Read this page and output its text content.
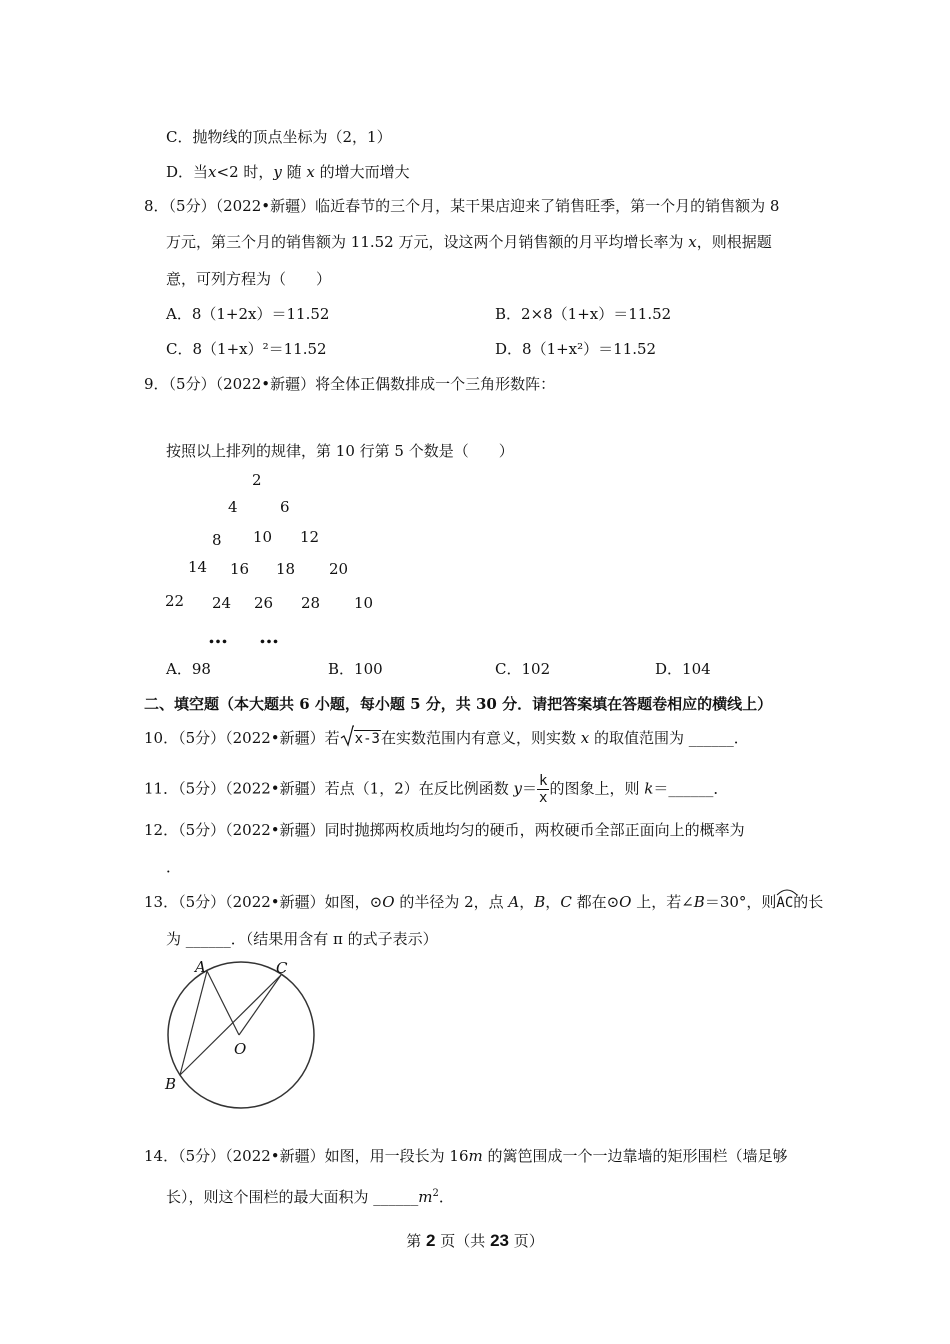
C．抛物线的顶点坐标为（2，1）
D．当x<2 时，y 随 x 的增大而增大
8．（5分）（2022•新疆）临近春节的三个月，某干果店迎来了销售旺季，第一个月的销售额为 8
万元，第三个月的销售额为 11.52 万元，设这两个月销售额的月平均增长率为 x，则根据题
意，可列方程为（　　）
A．8（1+2x）＝11.52	B．2×8（1+x）＝11.52
C．8（1+x）²＝11.52	D．8（1+x²）＝11.52
9．（5分）（2022•新疆）将全体正偶数排成一个三角形数阵：
按照以上排列的规律，第 10 行第 5 个数是（　　）
2
4	6
8 10 12
14 16 18 20
22 24 26 28 10
… …
A．98	B．100	C．102	D．104
二、填空题（本大题共 6 小题，每小题 5 分，共 30 分．请把答案填在答题卷相应的横线上）
10．（5分）（2022•新疆）若 x-3在实数范围内有意义，则实数 x 的取值范围为 ______．
11．（5分）（2022•新疆）若点（1，2）在反比例函数 $y= \frac{k}{x}$ 的图象上，则 k＝______．
12．（5分）（2022•新疆）同时抛掷两枚质地均匀的硬币，两枚硬币全部正面向上的概率为
．
13．（5分）（2022•新疆）如图，⊙O 的半径为 2，点 A，B，C 都在⊙O 上，若∠B＝30°，则
AC的长
为 ______．（结果用含有 π 的式子表示）
A	C
O
B
14．（5分）（2022•新疆）如图，用一段长为 16m 的篱笆围成一个一边靠墙的矩形围栏（墙足够
长），则这个围栏的最大面积为 $\_\_\_\_\_\_m^2$．
第 2 页（共 23 页）
